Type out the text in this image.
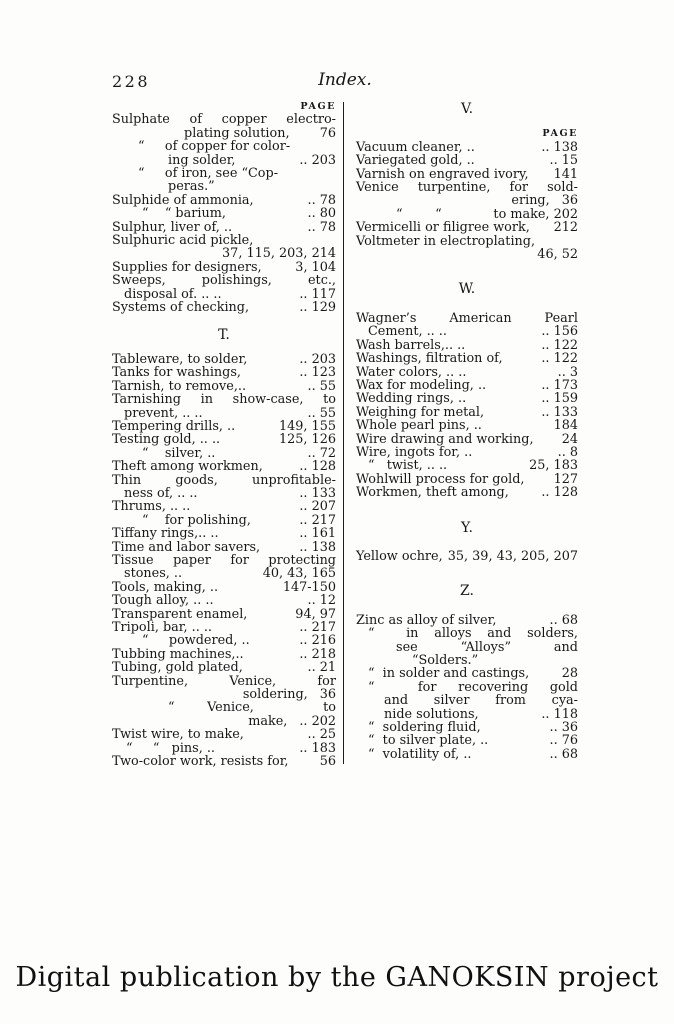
228	Index.
PAGE
Sulphate of copper electro-
plating solution,	76
“     of copper for color-
ing solder,	.. 203
“     of iron, see “Cop-
peras.”
Sulphide of ammonia,	.. 78
“    “ barium,	.. 80
Sulphur, liver of, ..	.. 78
Sulphuric acid pickle,
37, 115, 203, 214
Supplies for designers,	3, 104
Sweeps, polishings, etc.,
disposal of. .. ..	.. 117
Systems of checking,	.. 129
T.
Tableware, to solder,	.. 203
Tanks for washings,	.. 123
Tarnish, to remove,..	.. 55
Tarnishing in show-case, to
prevent, .. ..	.. 55
Tempering drills, ..	149, 155
Testing gold, .. ..	125, 126
“    silver, ..	.. 72
Theft among workmen,	.. 128
Thin goods, unprofitable-
ness of, .. ..	.. 133
Thrums, .. ..	.. 207
“    for polishing,	.. 217
Tiffany rings,.. ..	.. 161
Time and labor savers,	.. 138
Tissue paper for protecting
stones, ..	40, 43, 165
Tools, making, ..	147-150
Tough alloy, .. ..	.. 12
Transparent enamel,	94, 97
Tripoli, bar, .. ..	.. 217
“     powdered, ..	.. 216
Tubbing machines,..	.. 218
Tubing, gold plated,	.. 21
Turpentine, Venice, for
soldering, 36
“        Venice,	to
make, .. 202
Twist wire, to make,	.. 25
“     “   pins, ..	.. 183
Two-color work, resists for,	56
V.
PAGE
Vacuum cleaner, ..	.. 138
Variegated gold, ..	.. 15
Varnish on engraved ivory,	141
Venice turpentine, for sold-
ering, 36
“        “	to make, 202
Vermicelli or filigree work,	212
Voltmeter in electroplating,
46, 52
W.
Wagner’s American Pearl
Cement, .. ..	.. 156
Wash barrels,.. ..	.. 122
Washings, filtration of,	.. 122
Water colors, .. ..	.. 3
Wax for modeling, ..	.. 173
Wedding rings, ..	.. 159
Weighing for metal,	.. 133
Whole pearl pins, ..	184
Wire drawing and working,	24
Wire, ingots for, ..	.. 8
“   twist, .. ..	25, 183
Wohlwill process for gold,	127
Workmen, theft among,	.. 128
Y.
Yellow ochre, 35, 39, 43, 205, 207
Z.
Zinc as alloy of silver,	.. 68
“  in alloys and solders,
see “Alloys” and
“Solders.”
“  in solder and castings,	28
“  for recovering gold
and silver from cya-
nide solutions,	.. 118
“  soldering fluid,	.. 36
“  to silver plate, ..	.. 76
“  volatility of, ..	.. 68
Digital publication by the GANOKSIN project
